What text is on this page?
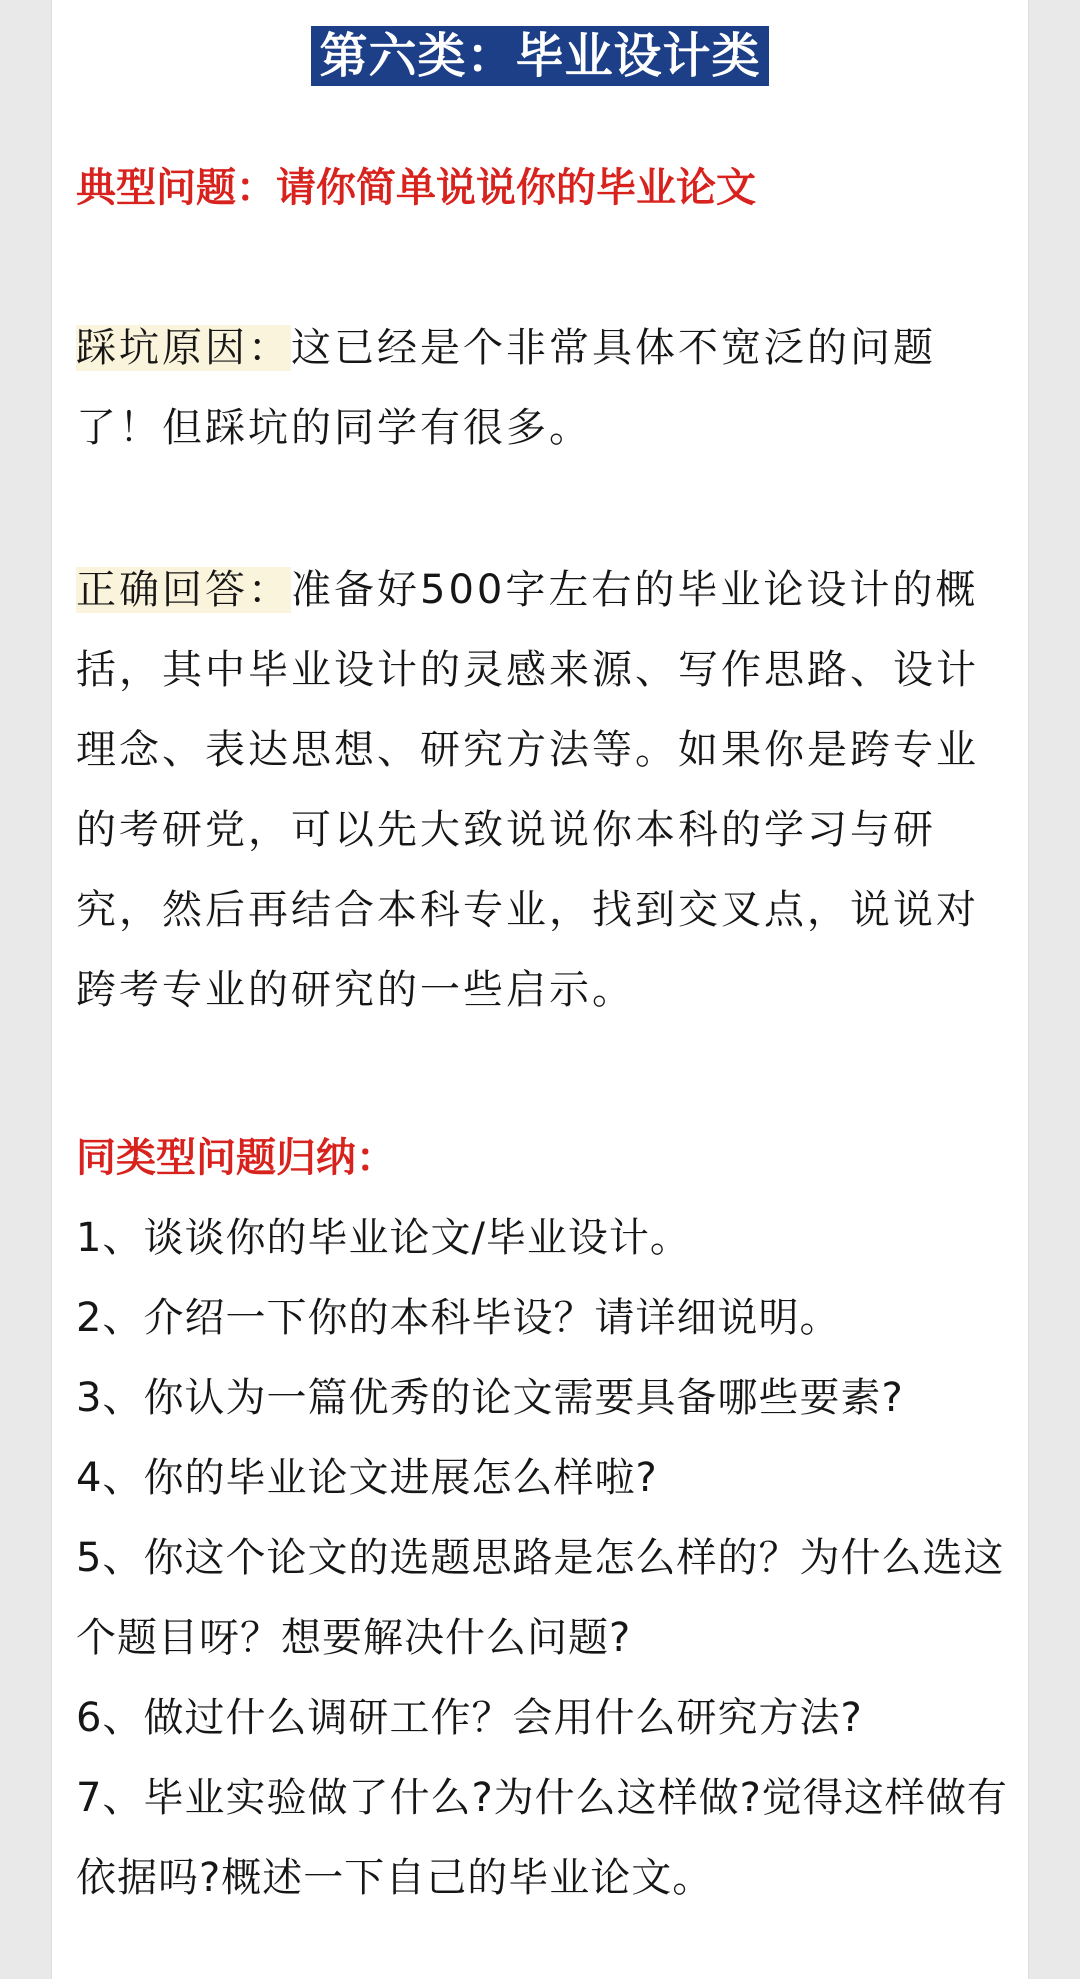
第六类：毕业设计类
典型问题：请你简单说说你的毕业论文
踩坑原因：这已经是个非常具体不宽泛的问题了！但踩坑的同学有很多。
正确回答：准备好500字左右的毕业论设计的概括，其中毕业设计的灵感来源、写作思路、设计理念、表达思想、研究方法等。如果你是跨专业的考研党，可以先大致说说你本科的学习与研究，然后再结合本科专业，找到交叉点，说说对跨考专业的研究的一些启示。
同类型问题归纳：
1、谈谈你的毕业论文/毕业设计。
2、介绍一下你的本科毕设？请详细说明。
3、你认为一篇优秀的论文需要具备哪些要素?
4、你的毕业论文进展怎么样啦?
5、你这个论文的选题思路是怎么样的？为什么选这个题目呀？想要解决什么问题?
6、做过什么调研工作？会用什么研究方法?
7、毕业实验做了什么?为什么这样做?觉得这样做有依据吗?概述一下自己的毕业论文。
